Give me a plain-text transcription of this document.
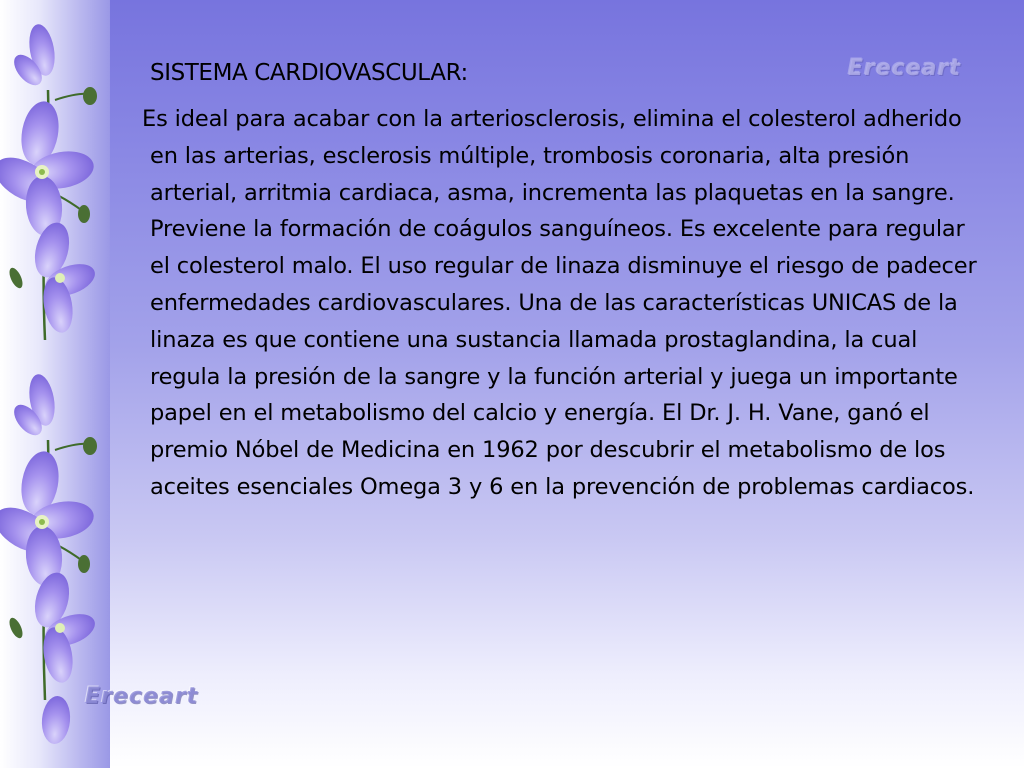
Ereceart
Ereceart
SISTEMA CARDIOVASCULAR:

Es ideal para acabar con la arteriosclerosis, elimina el colesterol adherido en las arterias, esclerosis múltiple, trombosis coronaria, alta presión arterial, arritmia cardiaca, asma, incrementa las plaquetas en la sangre. Previene la formación de coágulos sanguíneos. Es excelente para regular el colesterol malo. El uso regular de linaza disminuye el riesgo de padecer enfermedades cardiovasculares. Una de las características UNICAS de la linaza es que contiene una sustancia llamada prostaglandina, la cual regula la presión de la sangre y la función arterial y juega un importante papel en el metabolismo del calcio y energía. El Dr. J. H. Vane, ganó el premio Nóbel de Medicina en 1962 por descubrir el metabolismo de los aceites esenciales Omega 3 y 6 en la prevención de problemas cardiacos.
